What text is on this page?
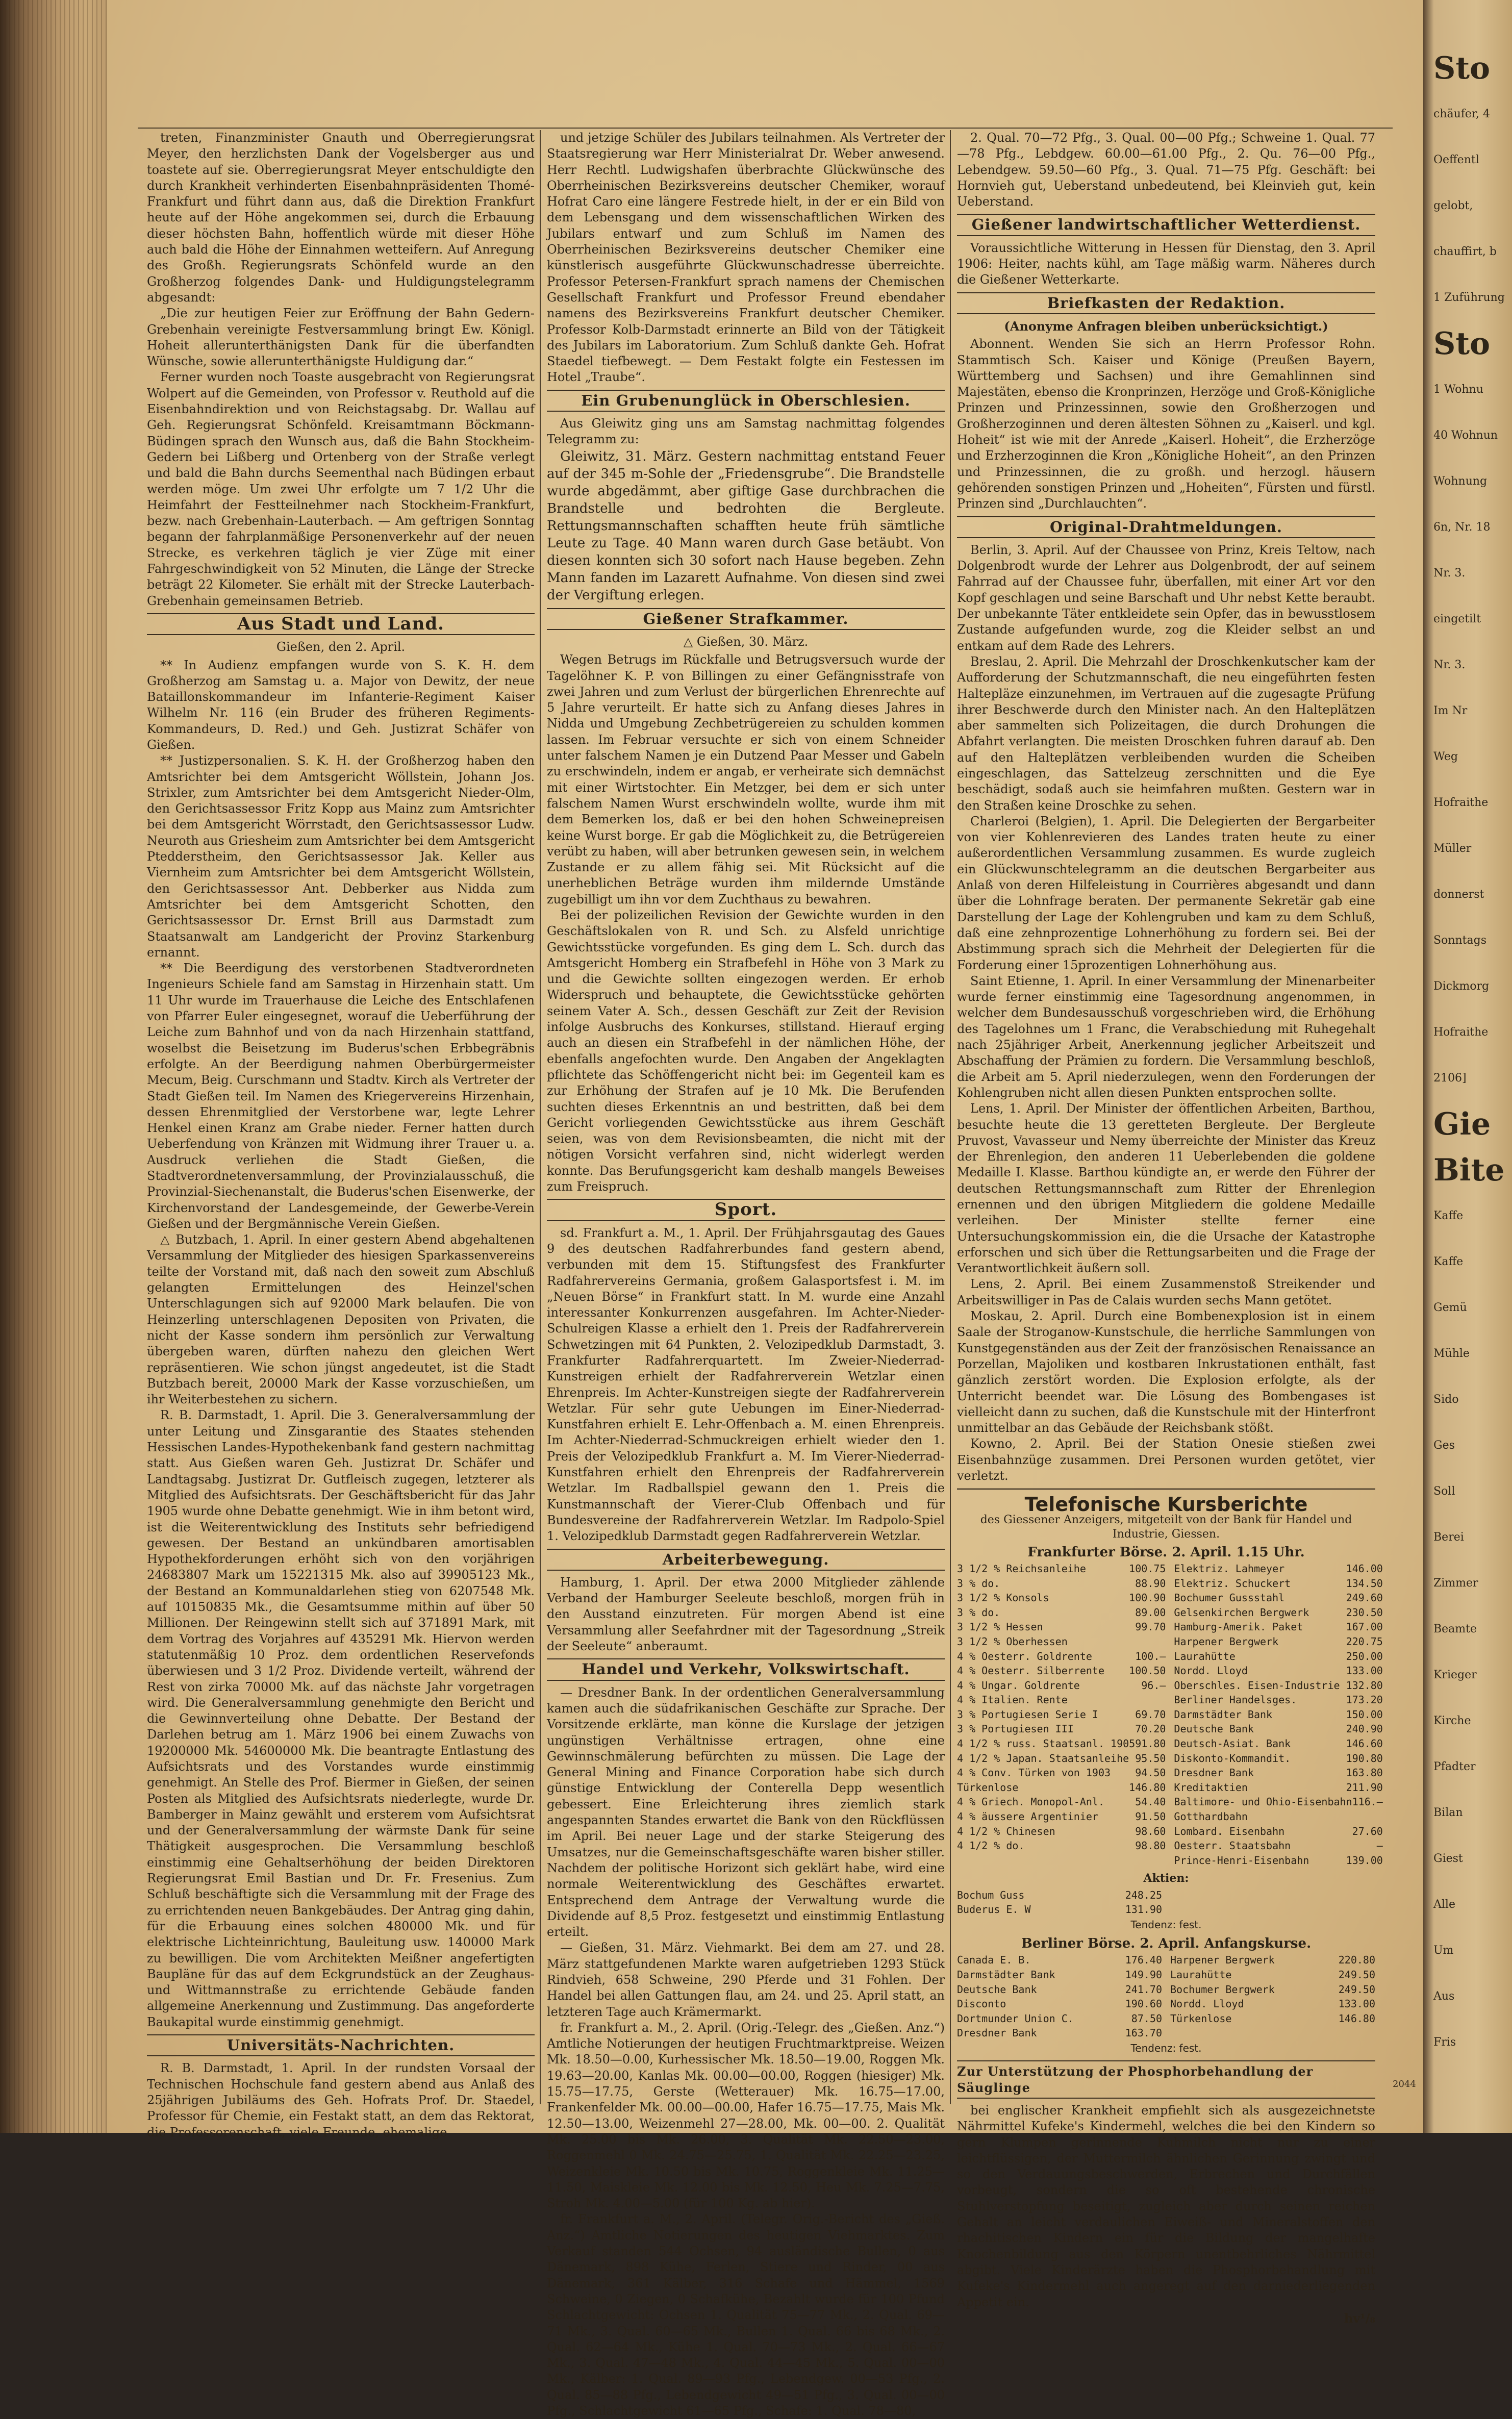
treten, Finanzminister Gnauth und Oberregierungsrat Meyer, den herzlichsten Dank der Vogelsberger aus und toastete auf sie. Oberregierungsrat Meyer entschuldigte den durch Krankheit verhinderten Eisenbahnpräsidenten Thomé-Frankfurt und führt dann aus, daß die Direktion Frankfurt heute auf der Höhe angekommen sei, durch die Erbauung dieser höchsten Bahn, hoffentlich würde mit dieser Höhe auch bald die Höhe der Einnahmen wetteifern. Auf Anregung des Großh. Regierungsrats Schönfeld wurde an den Großherzog folgendes Dank- und Huldigungstelegramm abgesandt:

„Die zur heutigen Feier zur Eröffnung der Bahn Gedern-Grebenhain vereinigte Festversammlung bringt Ew. Königl. Hoheit allerunterthänigsten Dank für die überfandten Wünsche, sowie allerunterthänigste Huldigung dar.“

Ferner wurden noch Toaste ausgebracht von Regierungsrat Wolpert auf die Gemeinden, von Professor v. Reuthold auf die Eisenbahndirektion und von Reichstagsabg. Dr. Wallau auf Geh. Regierungsrat Schönfeld. Kreisamtmann Böckmann-Büdingen sprach den Wunsch aus, daß die Bahn Stockheim-Gedern bei Lißberg und Ortenberg von der Straße verlegt und bald die Bahn durchs Seementhal nach Büdingen erbaut werden möge. Um zwei Uhr erfolgte um 7 1/2 Uhr die Heimfahrt der Festteilnehmer nach Stockheim-Frankfurt, bezw. nach Grebenhain-Lauterbach. — Am geftrigen Sonntag begann der fahrplanmäßige Personenverkehr auf der neuen Strecke, es verkehren täglich je vier Züge mit einer Fahrgeschwindigkeit von 52 Minuten, die Länge der Strecke beträgt 22 Kilometer. Sie erhält mit der Strecke Lauterbach-Grebenhain gemeinsamen Betrieb.

Aus Stadt und Land.
Gießen, den 2. April.

** In Audienz empfangen wurde von S. K. H. dem Großherzog am Samstag u. a. Major von Dewitz, der neue Bataillonskommandeur im Infanterie-Regiment Kaiser Wilhelm Nr. 116 (ein Bruder des früheren Regiments-Kommandeurs, D. Red.) und Geh. Justizrat Schäfer von Gießen.

** Justizpersonalien. S. K. H. der Großherzog haben den Amtsrichter bei dem Amtsgericht Wöllstein, Johann Jos. Strixler, zum Amtsrichter bei dem Amtsgericht Nieder-Olm, den Gerichtsassessor Fritz Kopp aus Mainz zum Amtsrichter bei dem Amtsgericht Wörrstadt, den Gerichtsassessor Ludw. Neuroth aus Griesheim zum Amtsrichter bei dem Amtsgericht Ptedderstheim, den Gerichtsassessor Jak. Keller aus Viernheim zum Amtsrichter bei dem Amtsgericht Wöllstein, den Gerichtsassessor Ant. Debberker aus Nidda zum Amtsrichter bei dem Amtsgericht Schotten, den Gerichtsassessor Dr. Ernst Brill aus Darmstadt zum Staatsanwalt am Landgericht der Provinz Starkenburg ernannt.

** Die Beerdigung des verstorbenen Stadtverordneten Ingenieurs Schiele fand am Samstag in Hirzenhain statt. Um 11 Uhr wurde im Trauerhause die Leiche des Entschlafenen von Pfarrer Euler eingesegnet, worauf die Ueberführung der Leiche zum Bahnhof und von da nach Hirzenhain stattfand, woselbst die Beisetzung im Buderus'schen Erbbegräbnis erfolgte. An der Beerdigung nahmen Oberbürgermeister Mecum, Beig. Curschmann und Stadtv. Kirch als Vertreter der Stadt Gießen teil. Im Namen des Kriegervereins Hirzenhain, dessen Ehrenmitglied der Verstorbene war, legte Lehrer Henkel einen Kranz am Grabe nieder. Ferner hatten durch Ueberfendung von Kränzen mit Widmung ihrer Trauer u. a. Ausdruck verliehen die Stadt Gießen, die Stadtverordnetenversammlung, der Provinzialausschuß, die Provinzial-Siechenanstalt, die Buderus'schen Eisenwerke, der Kirchenvorstand der Landesgemeinde, der Gewerbe-Verein Gießen und der Bergmännische Verein Gießen.

△ Butzbach, 1. April. In einer gestern Abend abgehaltenen Versammlung der Mitglieder des hiesigen Sparkassenvereins teilte der Vorstand mit, daß nach den soweit zum Abschluß gelangten Ermittelungen des Heinzel'schen Unterschlagungen sich auf 92000 Mark belaufen. Die von Heinzerling unterschlagenen Depositen von Privaten, die nicht der Kasse sondern ihm persönlich zur Verwaltung übergeben waren, dürften nahezu den gleichen Wert repräsentieren. Wie schon jüngst angedeutet, ist die Stadt Butzbach bereit, 20000 Mark der Kasse vorzuschießen, um ihr Weiterbestehen zu sichern.

R. B. Darmstadt, 1. April. Die 3. Generalversammlung der unter Leitung und Zinsgarantie des Staates stehenden Hessischen Landes-Hypothekenbank fand gestern nachmittag statt. Aus Gießen waren Geh. Justizrat Dr. Schäfer und Landtagsabg. Justizrat Dr. Gutfleisch zugegen, letzterer als Mitglied des Aufsichtsrats. Der Geschäftsbericht für das Jahr 1905 wurde ohne Debatte genehmigt. Wie in ihm betont wird, ist die Weiterentwicklung des Instituts sehr befriedigend gewesen. Der Bestand an unkündbaren amortisablen Hypothekforderungen erhöht sich von den vorjährigen 24683807 Mark um 15221315 Mk. also auf 39905123 Mk., der Bestand an Kommunaldarlehen stieg von 6207548 Mk. auf 10150835 Mk., die Gesamtsumme mithin auf über 50 Millionen. Der Reingewinn stellt sich auf 371891 Mark, mit dem Vortrag des Vorjahres auf 435291 Mk. Hiervon werden statutenmäßig 10 Proz. dem ordentlichen Reservefonds überwiesen und 3 1/2 Proz. Dividende verteilt, während der Rest von zirka 70000 Mk. auf das nächste Jahr vorgetragen wird. Die Generalversammlung genehmigte den Bericht und die Gewinnverteilung ohne Debatte. Der Bestand der Darlehen betrug am 1. März 1906 bei einem Zuwachs von 19200000 Mk. 54600000 Mk. Die beantragte Entlastung des Aufsichtsrats und des Vorstandes wurde einstimmig genehmigt. An Stelle des Prof. Biermer in Gießen, der seinen Posten als Mitglied des Aufsichtsrats niederlegte, wurde Dr. Bamberger in Mainz gewählt und ersterem vom Aufsichtsrat und der Generalversammlung der wärmste Dank für seine Thätigkeit ausgesprochen. Die Versammlung beschloß einstimmig eine Gehaltserhöhung der beiden Direktoren Regierungsrat Emil Bastian und Dr. Fr. Fresenius. Zum Schluß beschäftigte sich die Versammlung mit der Frage des zu errichtenden neuen Bankgebäudes. Der Antrag ging dahin, für die Erbauung eines solchen 480000 Mk. und für elektrische Lichteinrichtung, Bauleitung usw. 140000 Mark zu bewilligen. Die vom Architekten Meißner angefertigten Baupläne für das auf dem Eckgrundstück an der Zeughaus- und Wittmannstraße zu errichtende Gebäude fanden allgemeine Anerkennung und Zustimmung. Das angeforderte Baukapital wurde einstimmig genehmigt.

Universitäts-Nachrichten.

R. B. Darmstadt, 1. April. In der rundsten Vorsaal der Technischen Hochschule fand gestern abend aus Anlaß des 25jährigen Jubiläums des Geh. Hofrats Prof. Dr. Staedel, Professor für Chemie, ein Festakt statt, an dem das Rektorat, die Professorenschaft, viele Freunde, ehemalige

und jetzige Schüler des Jubilars teilnahmen. Als Vertreter der Staatsregierung war Herr Ministerialrat Dr. Weber anwesend. Herr Rechtl. Ludwigshafen überbrachte Glückwünsche des Oberrheinischen Bezirksvereins deutscher Chemiker, worauf Hofrat Caro eine längere Festrede hielt, in der er ein Bild von dem Lebensgang und dem wissenschaftlichen Wirken des Jubilars entwarf und zum Schluß im Namen des Oberrheinischen Bezirksvereins deutscher Chemiker eine künstlerisch ausgeführte Glückwunschadresse überreichte. Professor Petersen-Frankfurt sprach namens der Chemischen Gesellschaft Frankfurt und Professor Freund ebendaher namens des Bezirksvereins Frankfurt deutscher Chemiker. Professor Kolb-Darmstadt erinnerte an Bild von der Tätigkeit des Jubilars im Laboratorium. Zum Schluß dankte Geh. Hofrat Staedel tiefbewegt. — Dem Festakt folgte ein Festessen im Hotel „Traube“.

Ein Grubenunglück in Oberschlesien.

Aus Gleiwitz ging uns am Samstag nachmittag folgendes Telegramm zu:

Gleiwitz, 31. März. Gestern nachmittag entstand Feuer auf der 345 m-Sohle der „Friedensgrube“. Die Brandstelle wurde abgedämmt, aber giftige Gase durchbrachen die Brandstelle und bedrohten die Bergleute. Rettungsmannschaften schafften heute früh sämtliche Leute zu Tage. 40 Mann waren durch Gase betäubt. Von diesen konnten sich 30 sofort nach Hause begeben. Zehn Mann fanden im Lazarett Aufnahme. Von diesen sind zwei der Vergiftung erlegen.

Gießener Strafkammer.
△ Gießen, 30. März.

Wegen Betrugs im Rückfalle und Betrugsversuch wurde der Tagelöhner K. P. von Billingen zu einer Gefängnisstrafe von zwei Jahren und zum Verlust der bürgerlichen Ehrenrechte auf 5 Jahre verurteilt. Er hatte sich zu Anfang dieses Jahres in Nidda und Umgebung Zechbetrügereien zu schulden kommen lassen. Im Februar versuchte er sich von einem Schneider unter falschem Namen je ein Dutzend Paar Messer und Gabeln zu erschwindeln, indem er angab, er verheirate sich demnächst mit einer Wirtstochter. Ein Metzger, bei dem er sich unter falschem Namen Wurst erschwindeln wollte, wurde ihm mit dem Bemerken los, daß er bei den hohen Schweinepreisen keine Wurst borge. Er gab die Möglichkeit zu, die Betrügereien verübt zu haben, will aber betrunken gewesen sein, in welchem Zustande er zu allem fähig sei. Mit Rücksicht auf die unerheblichen Beträge wurden ihm mildernde Umstände zugebilligt um ihn vor dem Zuchthaus zu bewahren.

Bei der polizeilichen Revision der Gewichte wurden in den Geschäftslokalen von R. und Sch. zu Alsfeld unrichtige Gewichtsstücke vorgefunden. Es ging dem L. Sch. durch das Amtsgericht Homberg ein Strafbefehl in Höhe von 3 Mark zu und die Gewichte sollten eingezogen werden. Er erhob Widerspruch und behauptete, die Gewichtsstücke gehörten seinem Vater A. Sch., dessen Geschäft zur Zeit der Revision infolge Ausbruchs des Konkurses, stillstand. Hierauf erging auch an diesen ein Strafbefehl in der nämlichen Höhe, der ebenfalls angefochten wurde. Den Angaben der Angeklagten pflichtete das Schöffengericht nicht bei: im Gegenteil kam es zur Erhöhung der Strafen auf je 10 Mk. Die Berufenden suchten dieses Erkenntnis an und bestritten, daß bei dem Gericht vorliegenden Gewichtsstücke aus ihrem Geschäft seien, was von dem Revisionsbeamten, die nicht mit der nötigen Vorsicht verfahren sind, nicht widerlegt werden konnte. Das Berufungsgericht kam deshalb mangels Beweises zum Freispruch.

Sport.

sd. Frankfurt a. M., 1. April. Der Frühjahrsgautag des Gaues 9 des deutschen Radfahrerbundes fand gestern abend, verbunden mit dem 15. Stiftungsfest des Frankfurter Radfahrervereins Germania, großem Galasportsfest i. M. im „Neuen Börse“ in Frankfurt statt. In M. wurde eine Anzahl interessanter Konkurrenzen ausgefahren. Im Achter-Nieder-Schulreigen Klasse a erhielt den 1. Preis der Radfahrerverein Schwetzingen mit 64 Punkten, 2. Velozipedklub Darmstadt, 3. Frankfurter Radfahrerquartett. Im Zweier-Niederrad-Kunstreigen erhielt der Radfahrerverein Wetzlar einen Ehrenpreis. Im Achter-Kunstreigen siegte der Radfahrerverein Wetzlar. Für sehr gute Uebungen im Einer-Niederrad-Kunstfahren erhielt E. Lehr-Offenbach a. M. einen Ehrenpreis. Im Achter-Niederrad-Schmuckreigen erhielt wieder den 1. Preis der Velozipedklub Frankfurt a. M. Im Vierer-Niederrad-Kunstfahren erhielt den Ehrenpreis der Radfahrerverein Wetzlar. Im Radballspiel gewann den 1. Preis die Kunstmannschaft der Vierer-Club Offenbach und für Bundesvereine der Radfahrerverein Wetzlar. Im Radpolo-Spiel 1. Velozipedklub Darmstadt gegen Radfahrerverein Wetzlar.

Arbeiterbewegung.

Hamburg, 1. April. Der etwa 2000 Mitglieder zählende Verband der Hamburger Seeleute beschloß, morgen früh in den Ausstand einzutreten. Für morgen Abend ist eine Versammlung aller Seefahrdner mit der Tagesordnung „Streik der Seeleute“ anberaumt.

Handel und Verkehr, Volkswirtschaft.

— Dresdner Bank. In der ordentlichen Generalversammlung kamen auch die südafrikanischen Geschäfte zur Sprache. Der Vorsitzende erklärte, man könne die Kurslage der jetzigen ungünstigen Verhältnisse ertragen, ohne eine Gewinnschmälerung befürchten zu müssen. Die Lage der General Mining and Finance Corporation habe sich durch günstige Entwicklung der Conterella Depp wesentlich gebessert. Eine Erleichterung ihres ziemlich stark angespannten Standes erwartet die Bank von den Rückflüssen im April. Bei neuer Lage und der starke Steigerung des Umsatzes, nur die Gemeinschaftsgeschäfte waren bisher stiller. Nachdem der politische Horizont sich geklärt habe, wird eine normale Weiterentwicklung des Geschäftes erwartet. Entsprechend dem Antrage der Verwaltung wurde die Dividende auf 8,5 Proz. festgesetzt und einstimmig Entlastung erteilt.

— Gießen, 31. März. Viehmarkt. Bei dem am 27. und 28. März stattgefundenen Markte waren aufgetrieben 1293 Stück Rindvieh, 658 Schweine, 290 Pferde und 31 Fohlen. Der Handel bei allen Gattungen flau, am 24. und 25. April statt, an letzteren Tage auch Krämermarkt.

fr. Frankfurt a. M., 2. April. (Orig.-Telegr. des „Gießen. Anz.“) Amtliche Notierungen der heutigen Fruchtmarktpreise. Weizen Mk. 18.50—0.00, Kurhessischer Mk. 18.50—19.00, Roggen Mk. 19.63—20.00, Kanlas Mk. 00.00—00.00, Roggen (hiesiger) Mk. 15.75—17.75, Gerste (Wetterauer) Mk. 16.75—17.00, Frankenfelder Mk. 00.00—00.00, Hafer 16.75—17.75, Mais Mk. 12.50—13.00, Weizenmehl 27—28.00, Mk. 00—00. 2. Qualität Mk. 25.00 bis Mk. 26.00, 3. Qualität Mk. 22.50—23.00, Roggenmehl 0 Mk. 24.75—25.75, 1. Qualität Mk. 22.25—23.25, Weizenkleie Mk. 10.50 bis Mk. 10.75, Roggenkleie Mk. 11.25—11.50, Maiskleie Mk. 12.00 bis Mk. 12.50, Heu Mk. 7.25—7.75, Stroh Mk. 4.00—5.00 (für 100 Kg. ab hier).

fr. Frankfurt a. M., 2. April. (Telegr. Orig.-Bericht des „Gieß. Anz.“) Amtliche Notierungen des heutigen Viehmarktes. Zum Verkauf standen 544 Ochsen, 94 ausländische Bullen, 0 aus Dänemark, 898 Kühe, Ferlen, Stiere und Rinder, 00 aus Dänemark, 361 Kälber, 316 Schafe und Hämmel, 1569 Schweine, 0 Ziegen, 0 Schafkühe, Bezahlt wurde für 100 Pfund Schlachtgewicht: Ochsen 1. Qualität 75—77 Mk., 2. Qual. 69—71 Mk., 3. Qual. 60—65 Mk., Bullen 1. Qual. 66 bis 68 Mk., 2. Qual. 62—64 Mk., Kühe 1. Qual. 70—73 Mk., 2. Qual. 66—67 Mk., 3. Qual. 47—48 Mk., 4. Qual. 44—45 Mk., 5. Qual. 00—00 Mk., Kälber: 1. Qual. 89—93 Pfg., Lebendgew. 00—53 Pfg., 2. Qual. 85—88 Pfg., Lebendgewicht 49—51 Pfg., 3. Qual. 00—00 Pfg., Schlachtgewicht 61—65 Pfg., Schafe: 1. Qual. 78—80,

2. Qual. 70—72 Pfg., 3. Qual. 00—00 Pfg.; Schweine 1. Qual. 77—78 Pfg., Lebdgew. 60.00—61.00 Pfg., 2. Qu. 76—00 Pfg., Lebendgew. 59.50—60 Pfg., 3. Qual. 71—75 Pfg. Geschäft: bei Hornvieh gut, Ueberstand unbedeutend, bei Kleinvieh gut, kein Ueberstand.

Gießener landwirtschaftlicher Wetterdienst.

Voraussichtliche Witterung in Hessen für Dienstag, den 3. April 1906: Heiter, nachts kühl, am Tage mäßig warm. Näheres durch die Gießener Wetterkarte.

Briefkasten der Redaktion.
(Anonyme Anfragen bleiben unberücksichtigt.)

Abonnent. Wenden Sie sich an Herrn Professor Rohn. Stammtisch Sch. Kaiser und Könige (Preußen Bayern, Württemberg und Sachsen) und ihre Gemahlinnen sind Majestäten, ebenso die Kronprinzen, Herzöge und Groß-Königliche Prinzen und Prinzessinnen, sowie den Großherzogen und Großherzoginnen und deren ältesten Söhnen zu „Kaiserl. und kgl. Hoheit“ ist wie mit der Anrede „Kaiserl. Hoheit“, die Erzherzöge und Erzherzoginnen die Kron „Königliche Hoheit“, an den Prinzen und Prinzessinnen, die zu großh. und herzogl. häusern gehörenden sonstigen Prinzen und „Hoheiten“, Fürsten und fürstl. Prinzen sind „Durchlauchten“.

Original-Drahtmeldungen.

Berlin, 3. April. Auf der Chaussee von Prinz, Kreis Teltow, nach Dolgenbrodt wurde der Lehrer aus Dolgenbrodt, der auf seinem Fahrrad auf der Chaussee fuhr, überfallen, mit einer Art vor den Kopf geschlagen und seine Barschaft und Uhr nebst Kette beraubt. Der unbekannte Täter entkleidete sein Opfer, das in bewusstlosem Zustande aufgefunden wurde, zog die Kleider selbst an und entkam auf dem Rade des Lehrers.

Breslau, 2. April. Die Mehrzahl der Droschkenkutscher kam der Aufforderung der Schutzmannschaft, die neu eingeführten festen Haltepläze einzunehmen, im Vertrauen auf die zugesagte Prüfung ihrer Beschwerde durch den Minister nach. An den Halteplätzen aber sammelten sich Polizeitagen, die durch Drohungen die Abfahrt verlangten. Die meisten Droschken fuhren darauf ab. Den auf den Halteplätzen verbleibenden wurden die Scheiben eingeschlagen, das Sattelzeug zerschnitten und die Eye beschädigt, sodaß auch sie heimfahren mußten. Gestern war in den Straßen keine Droschke zu sehen.

Charleroi (Belgien), 1. April. Die Delegierten der Bergarbeiter von vier Kohlenrevieren des Landes traten heute zu einer außerordentlichen Versammlung zusammen. Es wurde zugleich ein Glückwunschtelegramm an die deutschen Bergarbeiter aus Anlaß von deren Hilfeleistung in Courrières abgesandt und dann über die Lohnfrage beraten. Der permanente Sekretär gab eine Darstellung der Lage der Kohlengruben und kam zu dem Schluß, daß eine zehnprozentige Lohnerhöhung zu fordern sei. Bei der Abstimmung sprach sich die Mehrheit der Delegierten für die Forderung einer 15prozentigen Lohnerhöhung aus.

Saint Etienne, 1. April. In einer Versammlung der Minenarbeiter wurde ferner einstimmig eine Tagesordnung angenommen, in welcher dem Bundesausschuß vorgeschrieben wird, die Erhöhung des Tagelohnes um 1 Franc, die Verabschiedung mit Ruhegehalt nach 25jähriger Arbeit, Anerkennung jeglicher Arbeitszeit und Abschaffung der Prämien zu fordern. Die Versammlung beschloß, die Arbeit am 5. April niederzulegen, wenn den Forderungen der Kohlengruben nicht allen diesen Punkten entsprochen sollte.

Lens, 1. April. Der Minister der öffentlichen Arbeiten, Barthou, besuchte heute die 13 geretteten Bergleute. Der Bergleute Pruvost, Vavasseur und Nemy überreichte der Minister das Kreuz der Ehrenlegion, den anderen 11 Ueberlebenden die goldene Medaille I. Klasse. Barthou kündigte an, er werde den Führer der deutschen Rettungsmannschaft zum Ritter der Ehrenlegion ernennen und den übrigen Mitgliedern die goldene Medaille verleihen. Der Minister stellte ferner eine Untersuchungskommission ein, die die Ursache der Katastrophe erforschen und sich über die Rettungsarbeiten und die Frage der Verantwortlichkeit äußern soll.

Lens, 2. April. Bei einem Zusammenstoß Streikender und Arbeitswilliger in Pas de Calais wurden sechs Mann getötet.

Moskau, 2. April. Durch eine Bombenexplosion ist in einem Saale der Stroganow-Kunstschule, die herrliche Sammlungen von Kunstgegenständen aus der Zeit der französischen Renaissance an Porzellan, Majoliken und kostbaren Inkrustationen enthält, fast gänzlich zerstört worden. Die Explosion erfolgte, als der Unterricht beendet war. Die Lösung des Bombengases ist vielleicht dann zu suchen, daß die Kunstschule mit der Hinterfront unmittelbar an das Gebäude der Reichsbank stößt.

Kowno, 2. April. Bei der Station Onesie stießen zwei Eisenbahnzüge zusammen. Drei Personen wurden getötet, vier verletzt.

Telefonische Kursberichte
des Giessener Anzeigers, mitgeteilt von der Bank für Handel und Industrie, Giessen.
Frankfurter Börse. 2. April. 1.15 Uhr.
3 1/2 % Reichsanleihe	100.75
3 % do.	88.90
3 1/2 % Konsols	100.90
3 % do.	89.00
3 1/2 % Hessen	99.70
3 1/2 % Oberhessen
4 % Oesterr. Goldrente	100.—
4 % Oesterr. Silberrente 100.50
4 % Ungar. Goldrente	96.—
4 % Italien. Rente
3 % Portugiesen Serie I	69.70
3 % Portugiesen III	70.20
4 1/2 % russ. Staatsanl. 1905 91.80
4 1/2 % Japan. Staatsanleihe 95.50
4 % Conv. Türken von 1903 94.50
Türkenlose	146.80
4 % Griech. Monopol-Anl.	54.40
4 % äussere Argentinier	91.50
4 1/2 % Chinesen	98.60
4 1/2 % do.	98.80
Elektriz. Lahmeyer	146.00
Elektriz. Schuckert	134.50
Bochumer Gussstahl	249.60
Gelsenkirchen Bergwerk	230.50
Hamburg-Amerik. Paket	167.00
Harpener Bergwerk	220.75
Laurahütte	250.00
Nordd. Lloyd	133.00
Oberschles. Eisen-Industrie 132.80
Berliner Handelsges.	173.20
Darmstädter Bank	150.00
Deutsche Bank	240.90
Deutsch-Asiat. Bank	146.60
Diskonto-Kommandit.	190.80
Dresdner Bank	163.80
Kreditaktien	211.90
Baltimore- und Ohio-Eisenbahn 116.—
Gotthardbahn
Lombard. Eisenbahn	27.60
Oesterr. Staatsbahn	—
Prince-Henri-Eisenbahn	139.00
Aktien:
Bochum Guss	248.25
Buderus E. W	131.90
Tendenz: fest.
Berliner Börse. 2. April. Anfangskurse.
Canada E. B.	176.40
Darmstädter Bank	149.90
Deutsche Bank	241.70
Disconto	190.60
Dortmunder Union C.	87.50
Dresdner Bank	163.70
Harpener Bergwerk	220.80
Laurahütte	249.50
Bochumer Bergwerk	249.50
Nordd. Lloyd	133.00
Türkenlose	146.80
Tendenz: fest.
Zur Unterstützung der Phosphorbehandlung der Säuglinge

bei englischer Krankheit empfiehlt sich als ausgezeichnetste Nährmittel Kufeke's Kindermehl, welches die bei den Kindern so gern Klumpen gerinnende Kuhmilch nicht nur zu einer leichtflüssigen, der Muttermilch ähnlichen Gerinnung zwingt und so den Verdauungsbeschwerden, Erbrechen und Durchfällen vorbeugt, sondern die so oft bestehende chronische Stuhlverstopfung beseitigt, zugleich aber durch seinen reichen Gehalt an leicht verdaulichen Eiweiß- und Mineralstoffen den rhachitischen Kindern ein für die Bildung der mangelhafte Knochenbildung aus den Körpern unentbehrliches Nährmittel abgibt. Viele Kinderärzte haben die Phosphorbehandlung mit Kufeke's Kindermehl auch angeregt auf den darniederliegenden Appetit ein.

hv¹/₈
2044
Sto
chäufer, 4
Oeffentl
gelobt,
chauffirt, b
1 Zuführung
Sto
1 Wohnu
40 Wohnun
Wohnung
6n, Nr. 18
Nr. 3.
eingetilt
Nr. 3.
Im Nr
Weg
Hofraithe
Müller
donnerst
Sonntags
Dickmorg
Hofraithe
2106]
Gie
Bite
Kaffe
Kaffe
Gemü
Mühle
Sido
Ges
Soll
Berei
Zimmer
Beamte
Krieger
Kirche
Pfadter
Bilan
Giest
Alle
Um
Aus
Fris
